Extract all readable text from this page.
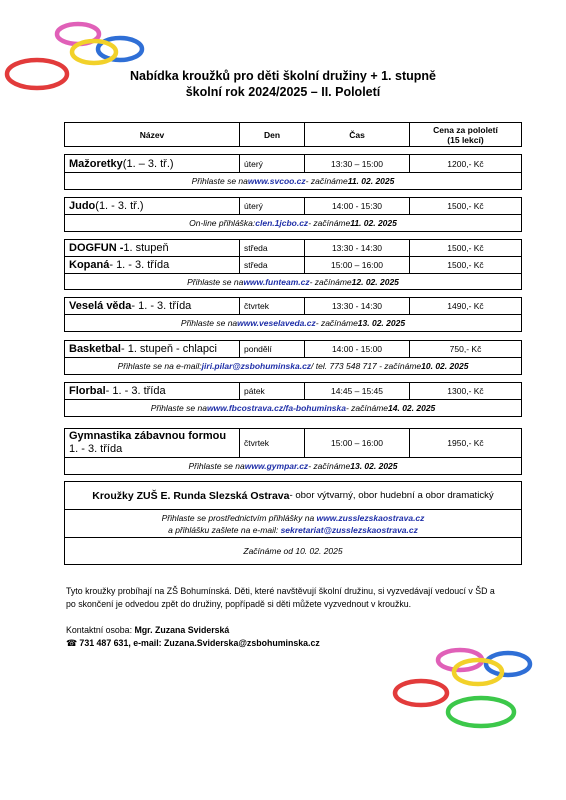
Nabídka kroužků pro děti školní družiny + 1. stupně
školní rok 2024/2025 – II. Pololetí
Název	Den	Čas	Cena za pololetí
(15 lekcí)
Mažoretky (1. – 3. tř.)	úterý	13:30 – 15:00	1200,- Kč
Přihlaste se na www.svcoo.cz - začínáme 11. 02. 2025
Judo (1. - 3. tř.)	úterý	14:00 - 15:30	1500,- Kč
On-line přihláška: clen.1jcbo.cz - začínáme 11. 02. 2025
DOGFUN - 1. stupeň	středa	13:30 - 14:30	1500,- Kč
Kopaná - 1. - 3. třída	středa	15:00 – 16:00	1500,- Kč
Přihlaste se na www.funteam.cz - začínáme 12. 02. 2025
Veselá věda - 1. - 3. třída	čtvrtek	13:30 - 14:30	1490,- Kč
Přihlaste se na www.veselaveda.cz - začínáme 13. 02. 2025
Basketbal - 1. stupeň - chlapci	pondělí	14:00 - 15:00	750,- Kč
Přihlaste se na e-mail: jiri.pilar@zsbohuminska.cz / tel. 773 548 717 - začínáme 10. 02. 2025
Florbal - 1. - 3. třída	pátek	14:45 – 15:45	1300,- Kč
Přihlaste se na www.fbcostrava.cz/fa-bohuminska - začínáme 14. 02. 2025
Gymnastika zábavnou formou
1. - 3. třída	čtvrtek	15:00 – 16:00	1950,- Kč
Přihlaste se na www.gympar.cz - začínáme 13. 02. 2025
Kroužky ZUŠ E. Runda Slezská Ostrava - obor výtvarný, obor hudební a obor dramatický
Přihlaste se prostřednictvím přihlášky na www.zusslezskaostrava.cz
a přihlášku zašlete na e-mail: sekretariat@zusslezskaostrava.cz
Začínáme od 10. 02. 2025
Tyto kroužky probíhají na ZŠ Bohumínská. Děti, které navštěvují školní družinu, si vyzvedávají vedoucí v ŠD a po skončení je odvedou zpět do družiny, popřípadě si děti můžete vyzvednout v kroužku.
Kontaktní osoba: Mgr. Zuzana Sviderská
☎ 731 487 631, e-mail: Zuzana.Sviderska@zsbohuminska.cz
